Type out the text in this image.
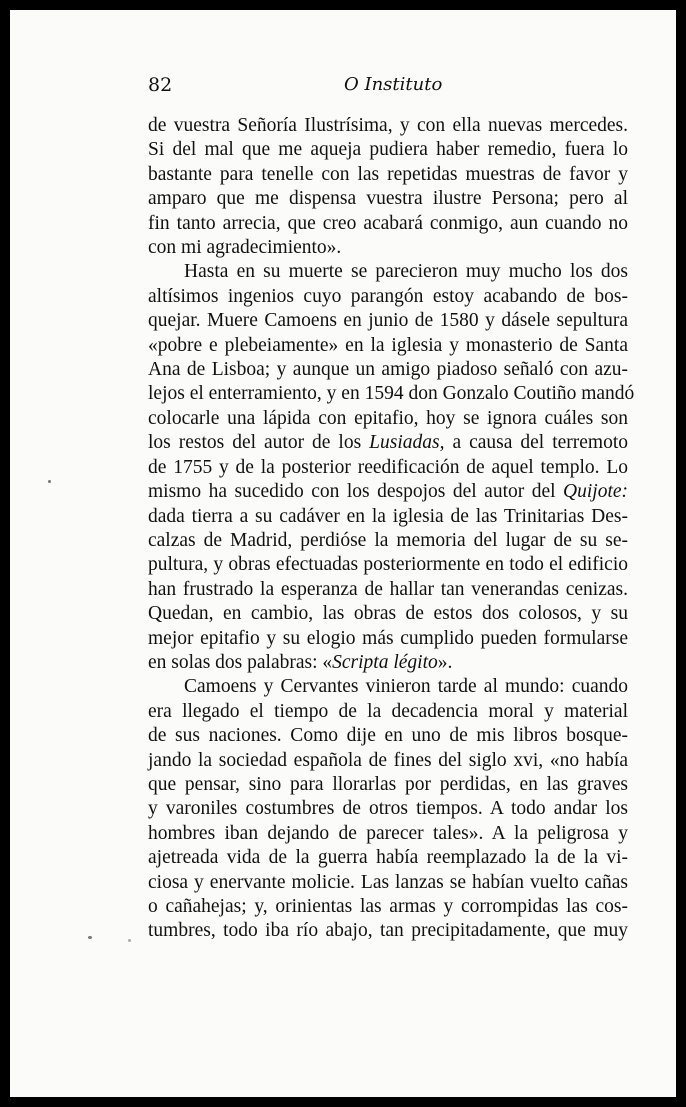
82	O Instituto

de vuestra Señoría Ilustrísima, y con ella nuevas mercedes.
Si del mal que me aqueja pudiera haber remedio, fuera lo
bastante para tenelle con las repetidas muestras de favor y
amparo que me dispensa vuestra ilustre Persona; pero al
fin tanto arrecia, que creo acabará conmigo, aun cuando no
con mi agradecimiento».

Hasta en su muerte se parecieron muy mucho los dos
altísimos ingenios cuyo parangón estoy acabando de bos-
quejar. Muere Camoens en junio de 1580 y dásele sepultura
«pobre e plebeiamente» en la iglesia y monasterio de Santa
Ana de Lisboa; y aunque un amigo piadoso señaló con azu-
lejos el enterramiento, y en 1594 don Gonzalo Coutiño mandó
colocarle una lápida con epitafio, hoy se ignora cuáles son
los restos del autor de los Lusiadas, a causa del terremoto
de 1755 y de la posterior reedificación de aquel templo. Lo
mismo ha sucedido con los despojos del autor del Quijote:
dada tierra a su cadáver en la iglesia de las Trinitarias Des-
calzas de Madrid, perdióse la memoria del lugar de su se-
pultura, y obras efectuadas posteriormente en todo el edificio
han frustrado la esperanza de hallar tan venerandas cenizas.
Quedan, en cambio, las obras de estos dos colosos, y su
mejor epitafio y su elogio más cumplido pueden formularse
en solas dos palabras: «Scripta légito».

Camoens y Cervantes vinieron tarde al mundo: cuando
era llegado el tiempo de la decadencia moral y material
de sus naciones. Como dije en uno de mis libros bosque-
jando la sociedad española de fines del siglo xvi, «no había
que pensar, sino para llorarlas por perdidas, en las graves
y varoniles costumbres de otros tiempos. A todo andar los
hombres iban dejando de parecer tales». A la peligrosa y
ajetreada vida de la guerra había reemplazado la de la vi-
ciosa y enervante molicie. Las lanzas se habían vuelto cañas
o cañahejas; y, orinientas las armas y corrompidas las cos-
tumbres, todo iba río abajo, tan precipitadamente, que muy
